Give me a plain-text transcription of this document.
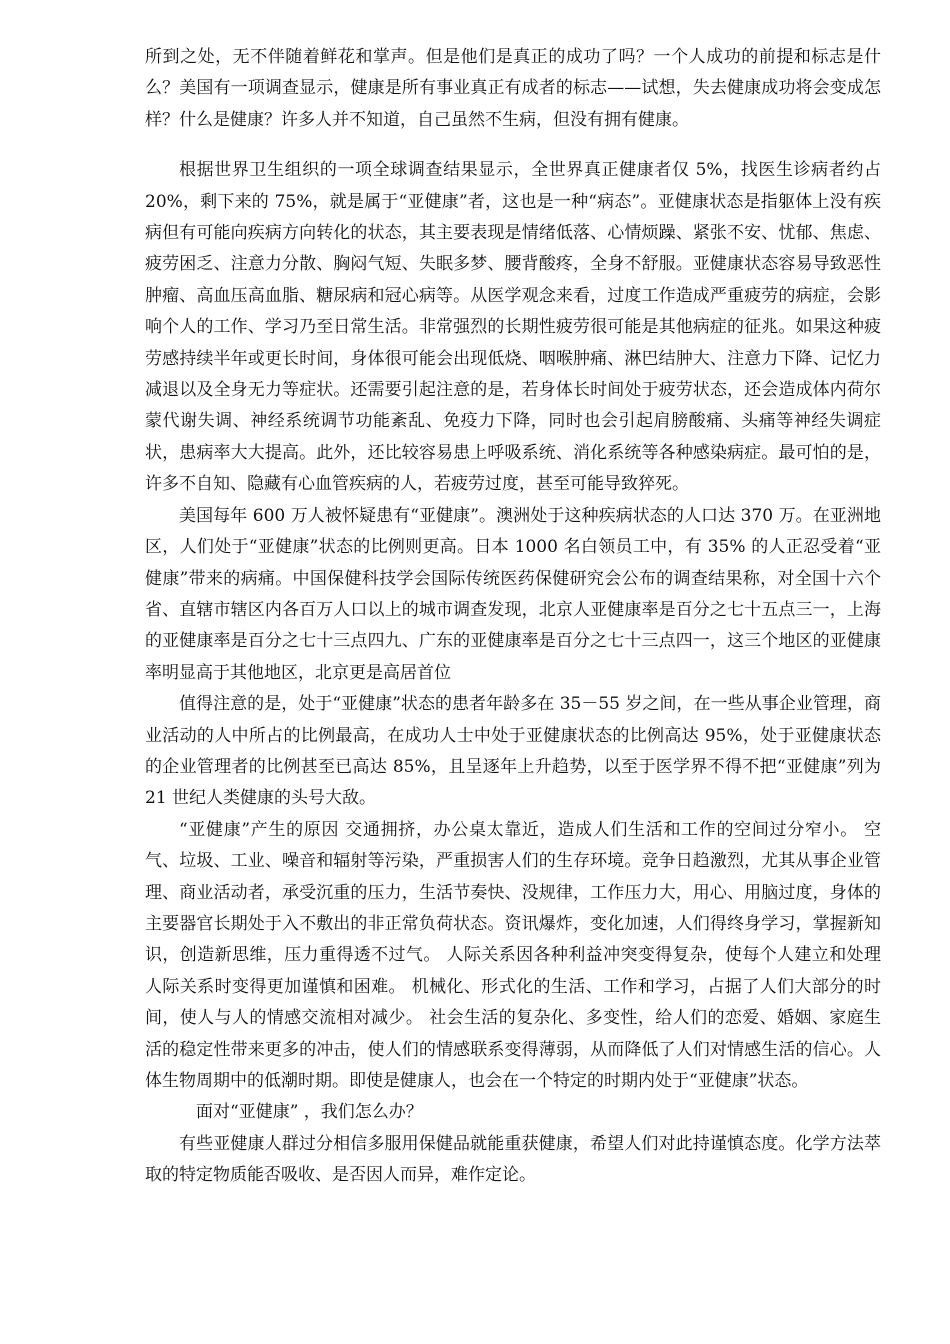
所到之处，无不伴随着鲜花和掌声。但是他们是真正的成功了吗？一个人成功的前提和标志是什么？美国有一项调查显示，健康是所有事业真正有成者的标志——试想，失去健康成功将会变成怎样？什么是健康？许多人并不知道，自己虽然不生病，但没有拥有健康。

根据世界卫生组织的一项全球调查结果显示，全世界真正健康者仅 5%，找医生诊病者约占 20%，剩下来的 75%，就是属于“亚健康”者，这也是一种“病态”。亚健康状态是指躯体上没有疾病但有可能向疾病方向转化的状态，其主要表现是情绪低落、心情烦躁、紧张不安、忧郁、焦虑、疲劳困乏、注意力分散、胸闷气短、失眠多梦、腰背酸疼，全身不舒服。亚健康状态容易导致恶性肿瘤、高血压高血脂、糖尿病和冠心病等。从医学观念来看，过度工作造成严重疲劳的病症，会影响个人的工作、学习乃至日常生活。非常强烈的长期性疲劳很可能是其他病症的征兆。如果这种疲劳感持续半年或更长时间，身体很可能会出现低烧、咽喉肿痛、淋巴结肿大、注意力下降、记忆力减退以及全身无力等症状。还需要引起注意的是，若身体长时间处于疲劳状态，还会造成体内荷尔蒙代谢失调、神经系统调节功能紊乱、免疫力下降，同时也会引起肩膀酸痛、头痛等神经失调症状，患病率大大提高。此外，还比较容易患上呼吸系统、消化系统等各种感染病症。最可怕的是，许多不自知、隐藏有心血管疾病的人，若疲劳过度，甚至可能导致猝死。

美国每年 600 万人被怀疑患有“亚健康”。澳洲处于这种疾病状态的人口达 370 万。在亚洲地区，人们处于“亚健康”状态的比例则更高。日本 1000 名白领员工中，有 35% 的人正忍受着“亚健康”带来的病痛。中国保健科技学会国际传统医药保健研究会公布的调查结果称，对全国十六个省、直辖市辖区内各百万人口以上的城市调查发现，北京人亚健康率是百分之七十五点三一，上海的亚健康率是百分之七十三点四九、广东的亚健康率是百分之七十三点四一，这三个地区的亚健康率明显高于其他地区，北京更是高居首位

值得注意的是，处于“亚健康”状态的患者年龄多在 35－55 岁之间，在一些从事企业管理，商业活动的人中所占的比例最高，在成功人士中处于亚健康状态的比例高达 95%，处于亚健康状态的企业管理者的比例甚至已高达 85%，且呈逐年上升趋势，以至于医学界不得不把“亚健康”列为 21 世纪人类健康的头号大敌。

“亚健康”产生的原因 交通拥挤，办公桌太靠近，造成人们生活和工作的空间过分窄小。 空气、垃圾、工业、噪音和辐射等污染，严重损害人们的生存环境。竞争日趋激烈，尤其从事企业管理、商业活动者，承受沉重的压力，生活节奏快、没规律，工作压力大，用心、用脑过度，身体的主要器官长期处于入不敷出的非正常负荷状态。资讯爆炸，变化加速，人们得终身学习，掌握新知识，创造新思维，压力重得透不过气。 人际关系因各种利益冲突变得复杂，使每个人建立和处理人际关系时变得更加谨慎和困难。 机械化、形式化的生活、工作和学习，占据了人们大部分的时间，使人与人的情感交流相对减少。 社会生活的复杂化、多变性，给人们的恋爱、婚姻、家庭生活的稳定性带来更多的冲击，使人们的情感联系变得薄弱，从而降低了人们对情感生活的信心。人体生物周期中的低潮时期。即使是健康人，也会在一个特定的时期内处于“亚健康”状态。

面对“亚健康” ，我们怎么办？

有些亚健康人群过分相信多服用保健品就能重获健康，希望人们对此持谨慎态度。化学方法萃取的特定物质能否吸收、是否因人而异，难作定论。
